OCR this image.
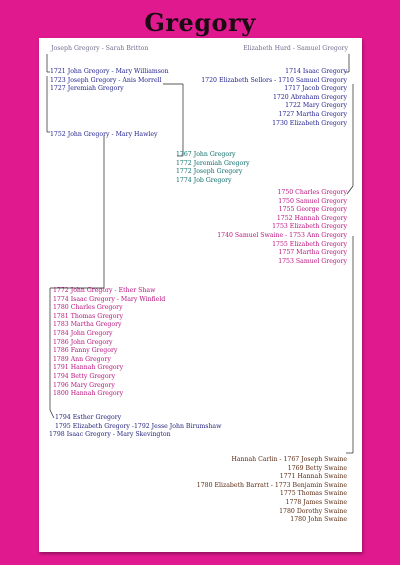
Gregory
Joseph Gregory - Sarah Britton	Elizabeth Hurd - Samuel Gregory
1721 John Gregory - Mary Williamson
1723 Joseph Gregory - Anis Morrell
1727 Jeremiah Gregory
1714 Isaac Gregory
1720 Elizabeth Sellors - 1710 Samuel Gregory
1717 Jacob Gregory
1720 Abraham Gregory
1722 Mary Gregory
1727 Martha Gregory
1730 Elizabeth Gregory
1752 John Gregory - Mary Hawley
1767 John Gregory
1772 Jeremiah Gregory
1772 Joseph Gregory
1774 Job Gregory
1750 Charles Gregory
1750 Samuel Gregory
1755 George Gregory
1752 Hannah Gregory
1753 Elizabeth Gregory
1740 Samuel Swaine - 1753 Ann Gregory
1755 Elizabeth Gregory
1757 Martha Gregory
1753 Samuel Gregory
1772 John Gregory - Ether Shaw
1774 Isaac Gregory - Mary Winfield
1780 Charles Gregory
1781 Thomas Gregory
1783 Martha Gregory
1784 John Gregory
1786 John Gregory
1786 Fanny Gregory
1789 Ann Gregory
1791 Hannah Gregory
1794 Betty Gregory
1796 Mary Gregory
1800 Hannah Gregory
1794 Esther Gregory
1795 Elizabeth Gregory -1792 Jesse John Birumshaw
1798 Isaac Gregory - Mary Skevington
Hannah Carlin - 1767 Joseph Swaine
1769 Betty Swaine
1771 Hannah Swaine
1780 Elizabeth Barratt - 1773 Benjamin Swaine
1775 Thomas Swaine
1778 James Swaine
1780 Dorothy Swaine
1780 John Swaine
